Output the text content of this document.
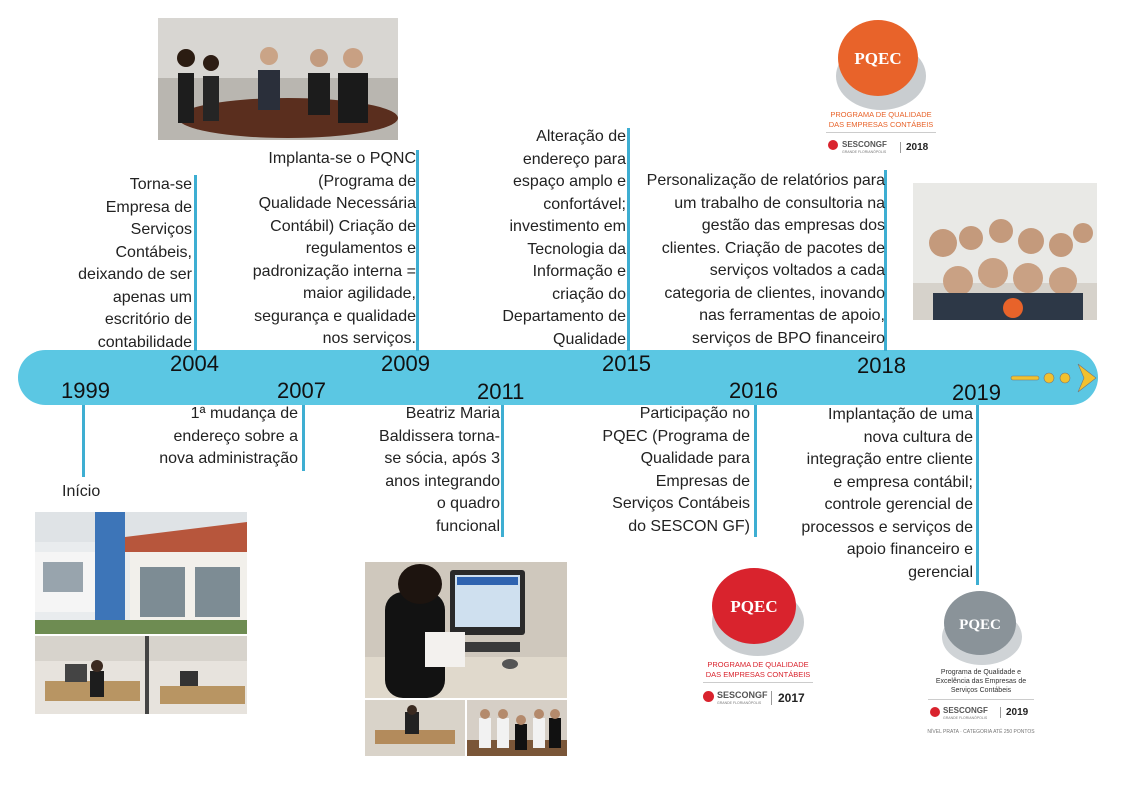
1999
2004
2007
2009
2011
2015
2016
2018
2019
Início
Torna-se Empresa de Serviços Contábeis, deixando de ser apenas um escritório de contabilidade
1ª mudança de endereço sobre a nova administração
Implanta-se o PQNC (Programa de Qualidade Necessária Contábil) Criação de regulamentos e padronização interna = maior agilidade, segurança e qualidade nos serviços.
Beatriz Maria Baldissera torna-se sócia, após 3 anos integrando o quadro funcional
Alteração de endereço para espaço amplo e confortável; investimento em Tecnologia da Informação e criação do Departamento de Qualidade
Participação no PQEC (Programa de Qualidade para Empresas de Serviços Contábeis do SESCON GF)
Personalização de relatórios para um trabalho de consultoria na gestão das empresas dos clientes. Criação de pacotes de serviços voltados a cada categoria de clientes, inovando nas ferramentas de apoio, serviços de BPO financeiro
Implantação de uma nova cultura de integração entre cliente e empresa contábil; controle gerencial de processos e serviços de apoio financeiro e gerencial
PQEC
PROGRAMA DE QUALIDADE
DAS EMPRESAS CONTÁBEIS
SESCONGF
GRANDE FLORIANÓPOLIS	2018
PQEC
PROGRAMA DE QUALIDADE
DAS EMPRESAS CONTÁBEIS
SESCONGF
GRANDE FLORIANÓPOLIS	2017
PQEC
Programa de Qualidade e
Excelência das Empresas de
Serviços Contábeis
SESCONGF
GRANDE FLORIANÓPOLIS	2019
NÍVEL PRATA · CATEGORIA ATÉ 250 PONTOS
